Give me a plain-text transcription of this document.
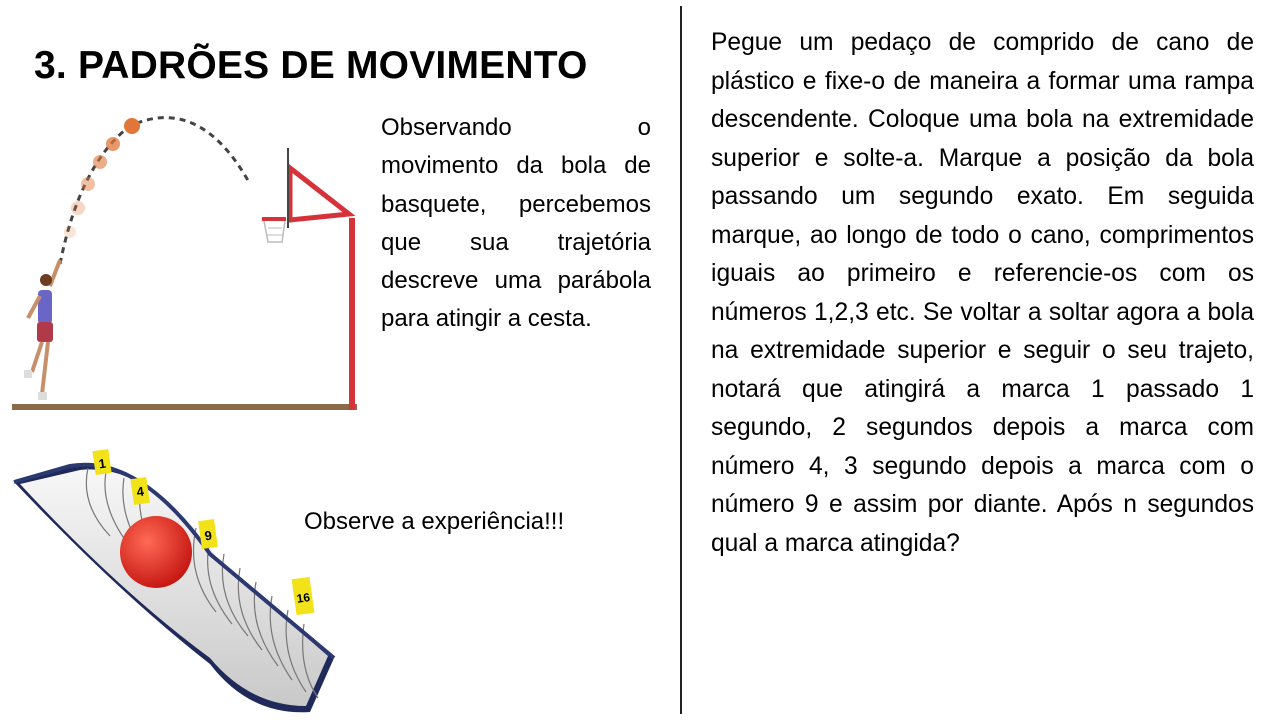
3. PADRÕES DE MOVIMENTO
1
4
9
16
Observando o movimento da bola de basquete, percebemos que sua trajetória descreve uma parábola para atingir a cesta.
Observe a experiência!!!
Pegue um pedaço de comprido de cano de plástico e fixe-o de maneira a formar uma rampa descendente. Coloque uma bola na extremidade superior e solte-a. Marque a posição da bola passando um segundo exato. Em seguida marque, ao longo de todo o cano, comprimentos iguais ao primeiro e referencie-os com os números 1,2,3 etc. Se voltar a soltar agora a bola na extremidade superior e seguir o seu trajeto, notará que atingirá a marca 1 passado 1 segundo, 2 segundos depois a marca com número 4, 3 segundo depois a marca com o número 9 e assim por diante. Após n segundos qual a marca atingida?
